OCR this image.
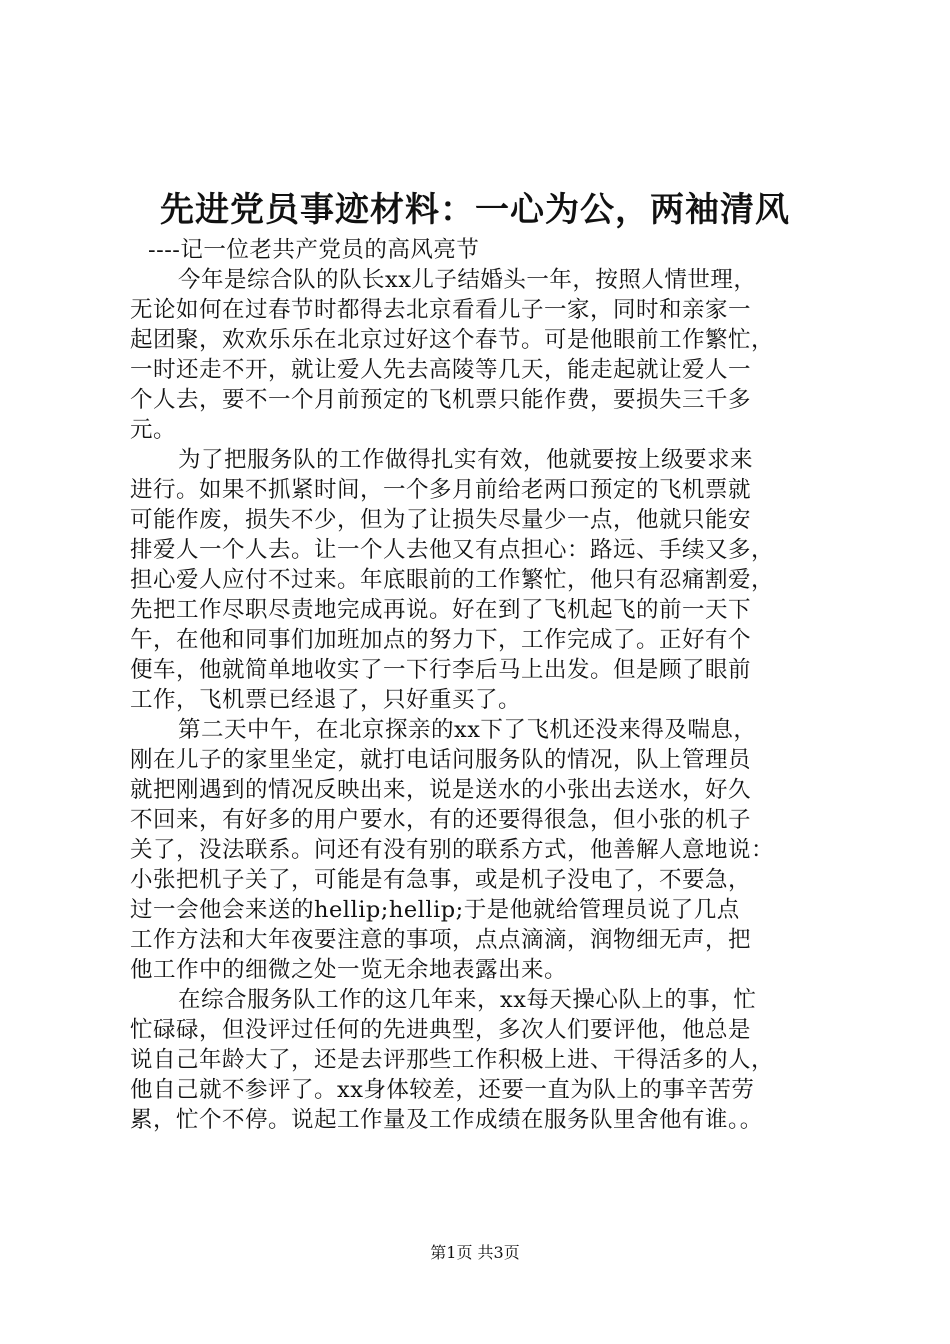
先进党员事迹材料：一心为公，两袖清风
----记一位老共产党员的高风亮节
今年是综合队的队长xx儿子结婚头一年，按照人情世理，
无论如何在过春节时都得去北京看看儿子一家，同时和亲家一
起团聚，欢欢乐乐在北京过好这个春节。可是他眼前工作繁忙，
一时还走不开，就让爱人先去高陵等几天，能走起就让爱人一
个人去，要不一个月前预定的飞机票只能作费，要损失三千多
元。
为了把服务队的工作做得扎实有效，他就要按上级要求来
进行。如果不抓紧时间，一个多月前给老两口预定的飞机票就
可能作废，损失不少，但为了让损失尽量少一点，他就只能安
排爱人一个人去。让一个人去他又有点担心：路远、手续又多，
担心爱人应付不过来。年底眼前的工作繁忙，他只有忍痛割爱，
先把工作尽职尽责地完成再说。好在到了飞机起飞的前一天下
午，在他和同事们加班加点的努力下，工作完成了。正好有个
便车，他就简单地收实了一下行李后马上出发。但是顾了眼前
工作，飞机票已经退了，只好重买了。
第二天中午，在北京探亲的xx下了飞机还没来得及喘息，
刚在儿子的家里坐定，就打电话问服务队的情况，队上管理员
就把刚遇到的情况反映出来，说是送水的小张出去送水，好久
不回来，有好多的用户要水，有的还要得很急，但小张的机子
关了，没法联系。问还有没有别的联系方式，他善解人意地说：
小张把机子关了，可能是有急事，或是机子没电了，不要急，
过一会他会来送的hellip;hellip;于是他就给管理员说了几点
工作方法和大年夜要注意的事项，点点滴滴，润物细无声，把
他工作中的细微之处一览无余地表露出来。
在综合服务队工作的这几年来，xx每天操心队上的事，忙
忙碌碌，但没评过任何的先进典型，多次人们要评他，他总是
说自己年龄大了，还是去评那些工作积极上进、干得活多的人，
他自己就不参评了。xx身体较差，还要一直为队上的事辛苦劳
累，忙个不停。说起工作量及工作成绩在服务队里舍他有谁。。
第1页 共3页
